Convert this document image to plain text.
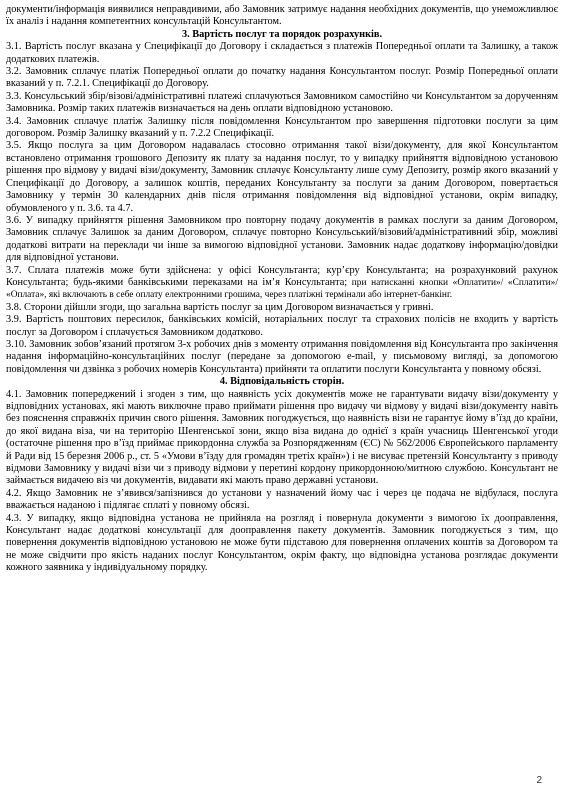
документи/інформація виявилися неправдивими, або Замовник затримує надання необхідних документів, що унеможливлює їх аналіз і надання компетентних консультацій Консультантом.

3. Вартість послуг та порядок розрахунків.

3.1. Вартість послуг вказана у Специфікації до Договору і складається з платежів Попередньої оплати та Залишку, а також додаткових платежів.

3.2. Замовник сплачує платіж Попередньої оплати до початку надання Консультантом послуг. Розмір Попередньої оплати вказаний у п. 7.2.1. Специфікації до Договору.

3.3. Консульський збір/візові/адміністративні платежі сплачуються Замовником самостійно чи Консультантом за дорученням Замовника. Розмір таких платежів визначається на день оплати відповідною установою.

3.4. Замовник сплачує платіж Залишку після повідомлення Консультантом про завершення підготовки послуги за цим договором. Розмір Залишку вказаний у п. 7.2.2 Специфікації.

3.5. Якщо послуга за цим Договором надавалась стосовно отримання такої візи/документу, для якої Консультантом встановлено отримання грошового Депозиту як плату за надання послуг, то у випадку прийняття відповідною установою рішення про відмову у видачі візи/документу, Замовник сплачує Консультанту лише суму Депозиту, розмір якого вказаний у Специфікації до Договору, а залишок коштів, переданих Консультанту за послуги за даним Договором, повертається Замовнику у термін 30 календарних днів після отримання повідомлення від відповідної установи, окрім випадку, обумовленого у п. 3.6. та 4.7.

3.6. У випадку прийняття рішення Замовником про повторну подачу документів в рамках послуги за даним Договором, Замовник сплачує Залишок за даним Договором, сплачує повторно Консульський/візовий/адміністративний збір, можливі додаткові витрати на переклади чи інше за вимогою відповідної установи. Замовник надає додаткову інформацію/довідки для відповідної установи.

3.7. Сплата платежів може бути здійснена: у офісі Консультанта; кур’єру Консультанта; на розрахунковий рахунок Консультанта; будь-якими банківськими переказами на ім’я Консультанта; при натисканні кнопки «Оплатити»/ «Сплатити»/ «Оплата», які включають в себе оплату електронними грошима, через платіжні термінали або інтернет-банкінг.

3.8. Сторони дійшли згоди, що загальна вартість послуг за цим Договором визначається у гривні.

3.9. Вартість поштових пересилок, банківських комісій, нотаріальних послуг та страхових полісів не входить у вартість послуг за Договором і сплачується Замовником додатково.

3.10. Замовник зобов’язаний протягом 3-х робочих днів з моменту отримання повідомлення від Консультанта про закінчення надання інформаційно-консультаційних послуг (передане за допомогою e-mail, у письмовому вигляді, за допомогою повідомлення чи дзвінка з робочих номерів Консультанта) прийняти та оплатити послуги Консультанта у повному обсязі.

4. Відповідальність сторін.

4.1. Замовник попереджений і згоден з тим, що наявність усіх документів може не гарантувати видачу візи/документу у відповідних установах, які мають виключне право приймати рішення про видачу чи відмову у видачі візи/документу навіть без пояснення справжніх причин свого рішення. Замовник погоджується, що наявність візи не гарантує йому в’їзд до країни, до якої видана віза, чи на територію Шенгенської зони, якщо віза видана до однієї з країн учасниць Шенгенської угоди (остаточне рішення про в’їзд приймає прикордонна служба за Розпорядженням (ЄС) № 562/2006 Європейського парламенту й Ради від 15 березня 2006 р., ст. 5 «Умови в’їзду для громадян третіх країн») і не висуває претензій Консультанту з приводу відмови Замовнику у видачі візи чи з приводу відмови у перетині кордону прикордонною/митною службою. Консультант не займається видачею віз чи документів, видавати які мають право державні установи.

4.2. Якщо Замовник не з’явився/запізнився до установи у назначений йому час і через це подача не відбулася, послуга вважається наданою і підлягає сплаті у повному обсязі.

4.3. У випадку, якщо відповідна установа не прийняла на розгляд і повернула документи з вимогою їх дооправлення, Консультант надає додаткові консультації для дооправлення пакету документів. Замовник погоджується з тим, що повернення документів відповідною установою не може бути підставою для повернення оплачених коштів за Договором та не може свідчити про якість наданих послуг Консультантом, окрім факту, що відповідна установа розглядає документи кожного заявника у індивідуальному порядку.

2
